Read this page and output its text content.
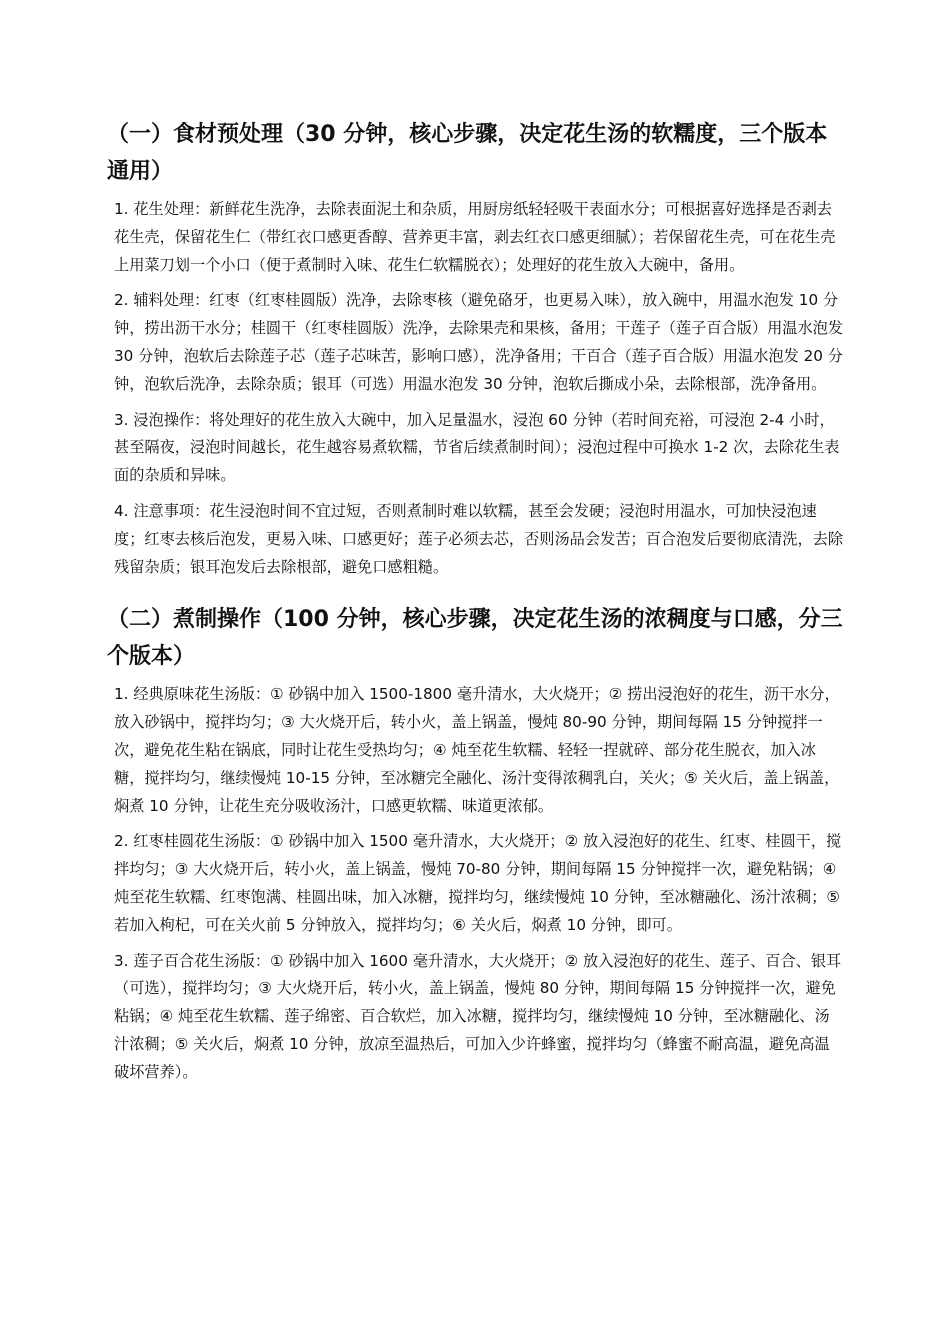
（一）食材预处理（30 分钟，核心步骤，决定花生汤的软糯度，三个版本通用）

1. 花生处理：新鲜花生洗净，去除表面泥土和杂质，用厨房纸轻轻吸干表面水分；可根据喜好选择是否剥去花生壳，保留花生仁（带红衣口感更香醇、营养更丰富，剥去红衣口感更细腻）；若保留花生壳，可在花生壳上用菜刀划一个小口（便于煮制时入味、花生仁软糯脱衣）；处理好的花生放入大碗中，备用。

2. 辅料处理：红枣（红枣桂圆版）洗净，去除枣核（避免硌牙，也更易入味），放入碗中，用温水泡发 10 分钟，捞出沥干水分；桂圆干（红枣桂圆版）洗净，去除果壳和果核，备用；干莲子（莲子百合版）用温水泡发 30 分钟，泡软后去除莲子芯（莲子芯味苦，影响口感），洗净备用；干百合（莲子百合版）用温水泡发 20 分钟，泡软后洗净，去除杂质；银耳（可选）用温水泡发 30 分钟，泡软后撕成小朵，去除根部，洗净备用。

3. 浸泡操作：将处理好的花生放入大碗中，加入足量温水，浸泡 60 分钟（若时间充裕，可浸泡 2-4 小时，甚至隔夜，浸泡时间越长，花生越容易煮软糯，节省后续煮制时间）；浸泡过程中可换水 1-2 次，去除花生表面的杂质和异味。

4. 注意事项：花生浸泡时间不宜过短，否则煮制时难以软糯，甚至会发硬；浸泡时用温水，可加快浸泡速度；红枣去核后泡发，更易入味、口感更好；莲子必须去芯，否则汤品会发苦；百合泡发后要彻底清洗，去除残留杂质；银耳泡发后去除根部，避免口感粗糙。

（二）煮制操作（100 分钟，核心步骤，决定花生汤的浓稠度与口感，分三个版本）

1. 经典原味花生汤版：① 砂锅中加入 1500-1800 毫升清水，大火烧开；② 捞出浸泡好的花生，沥干水分，放入砂锅中，搅拌均匀；③ 大火烧开后，转小火，盖上锅盖，慢炖 80-90 分钟，期间每隔 15 分钟搅拌一次，避免花生粘在锅底，同时让花生受热均匀；④ 炖至花生软糯、轻轻一捏就碎、部分花生脱衣，加入冰糖，搅拌均匀，继续慢炖 10-15 分钟，至冰糖完全融化、汤汁变得浓稠乳白，关火；⑤ 关火后，盖上锅盖，焖煮 10 分钟，让花生充分吸收汤汁，口感更软糯、味道更浓郁。

2. 红枣桂圆花生汤版：① 砂锅中加入 1500 毫升清水，大火烧开；② 放入浸泡好的花生、红枣、桂圆干，搅拌均匀；③ 大火烧开后，转小火，盖上锅盖，慢炖 70-80 分钟，期间每隔 15 分钟搅拌一次，避免粘锅；④ 炖至花生软糯、红枣饱满、桂圆出味，加入冰糖，搅拌均匀，继续慢炖 10 分钟，至冰糖融化、汤汁浓稠；⑤ 若加入枸杞，可在关火前 5 分钟放入，搅拌均匀；⑥ 关火后，焖煮 10 分钟，即可。

3. 莲子百合花生汤版：① 砂锅中加入 1600 毫升清水，大火烧开；② 放入浸泡好的花生、莲子、百合、银耳（可选），搅拌均匀；③ 大火烧开后，转小火，盖上锅盖，慢炖 80 分钟，期间每隔 15 分钟搅拌一次，避免粘锅；④ 炖至花生软糯、莲子绵密、百合软烂，加入冰糖，搅拌均匀，继续慢炖 10 分钟，至冰糖融化、汤汁浓稠；⑤ 关火后，焖煮 10 分钟，放凉至温热后，可加入少许蜂蜜，搅拌均匀（蜂蜜不耐高温，避免高温破坏营养）。
